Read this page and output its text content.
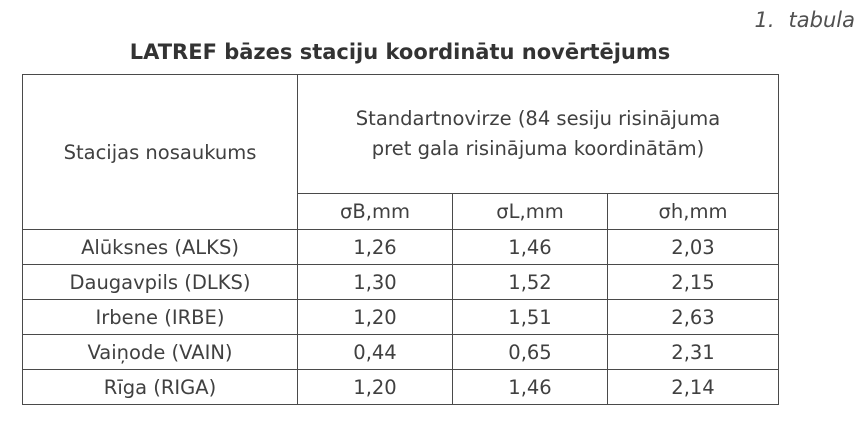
1. tabula
LATREF bāzes staciju koordinātu novērtējums
Stacijas nosaukums	Standartnovirze (84 sesiju risinājuma
pret gala risinājuma koordinātām)		

	σB,mm	σL,mm	σh,mm
Alūksnes (ALKS)	1,26	1,46	2,03
Daugavpils (DLKS)	1,30	1,52	2,15
Irbene (IRBE)	1,20	1,51	2,63
Vaiņode (VAIN)	0,44	0,65	2,31
Rīga (RIGA)	1,20	1,46	2,14
